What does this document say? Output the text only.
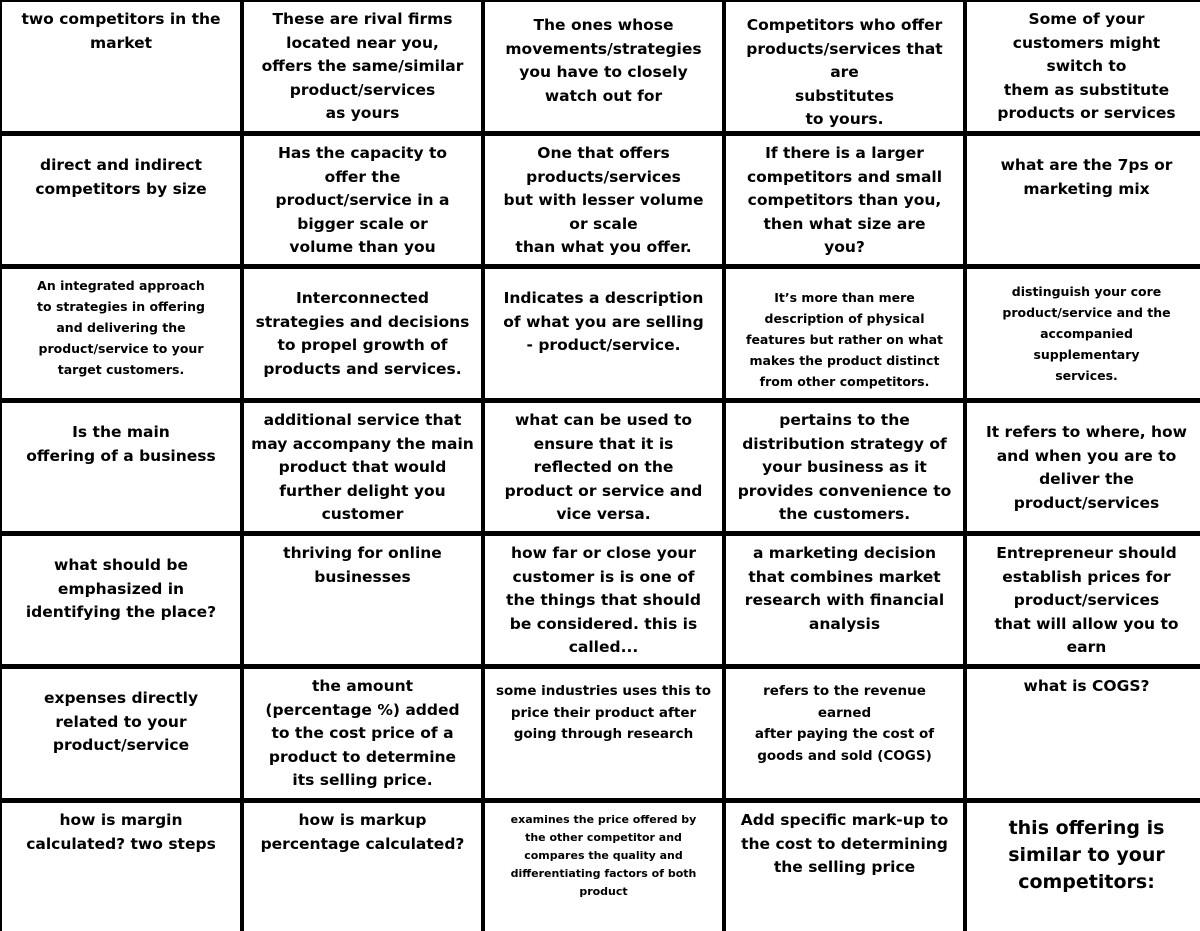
two competitors in the
market
These are rival firms
located near you,
offers the same/similar
product/services
as yours
The ones whose
movements/strategies
you have to closely
watch out for
Competitors who offer
products/services that are
substitutes
to yours.
Some of your
customers might
switch to
them as substitute
products or services
direct and indirect
competitors by size
Has the capacity to
offer the
product/service in a
bigger scale or
volume than you
One that offers
products/services
but with lesser volume
or scale
than what you offer.
If there is a larger
competitors and small
competitors than you,
then what size are
you?
what are the 7ps or
marketing mix
An integrated approach
to strategies in offering
and delivering the
product/service to your
target customers.
Interconnected
strategies and decisions
to propel growth of
products and services.
Indicates a description
of what you are selling
- product/service.
It’s more than mere
description of physical
features but rather on what
makes the product distinct
from other competitors.
distinguish your core
product/service and the
accompanied
supplementary
services.
Is the main
offering of a business
additional service that
may accompany the main
product that would
further delight you
customer
what can be used to
ensure that it is
reflected on the
product or service and
vice versa.
pertains to the
distribution strategy of
your business as it
provides convenience to
the customers.
It refers to where, how
and when you are to
deliver the
product/services
what should be
emphasized in
identifying the place?
thriving for online
businesses
how far or close your
customer is is one of
the things that should
be considered. this is
called...
a marketing decision
that combines market
research with financial
analysis
Entrepreneur should
establish prices for
product/services
that will allow you to
earn
expenses directly
related to your
product/service
the amount
(percentage %) added
to the cost price of a
product to determine
its selling price.
some industries uses this to
price their product after
going through research
refers to the revenue
earned
after paying the cost of
goods and sold (COGS)
what is COGS?
how is margin
calculated? two steps
how is markup
percentage calculated?
examines the price offered by
the other competitor and
compares the quality and
differentiating factors of both
product
Add specific mark-up to
the cost to determining
the selling price
this offering is
similar to your
competitors:
